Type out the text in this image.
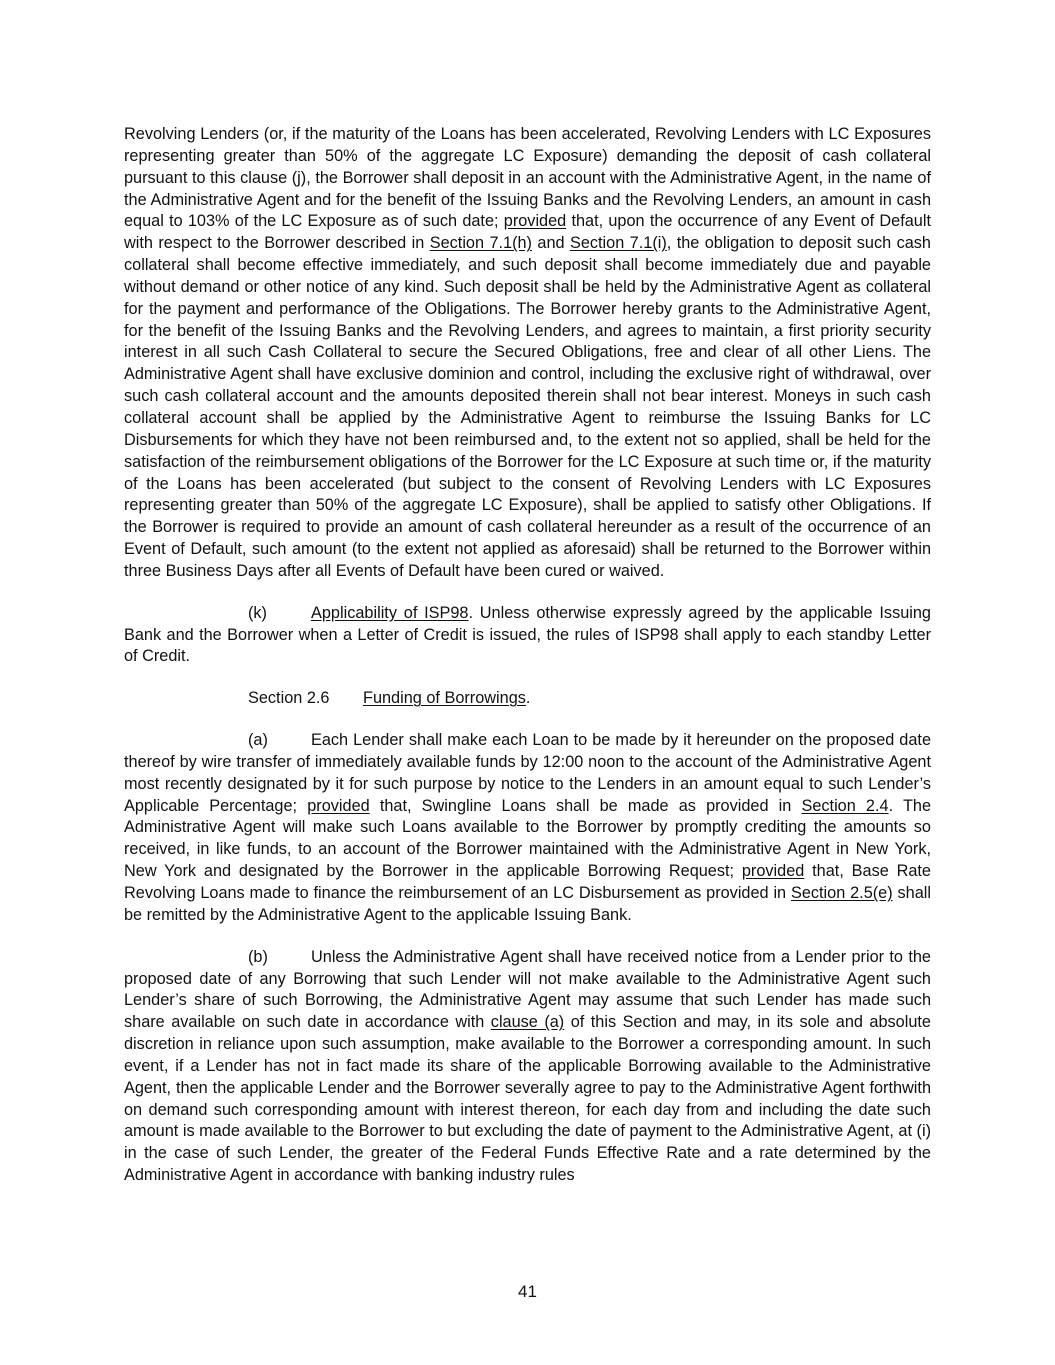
Revolving Lenders (or, if the maturity of the Loans has been accelerated, Revolving Lenders with LC Exposures representing greater than 50% of the aggregate LC Exposure) demanding the deposit of cash collateral pursuant to this clause (j), the Borrower shall deposit in an account with the Administrative Agent, in the name of the Administrative Agent and for the benefit of the Issuing Banks and the Revolving Lenders, an amount in cash equal to 103% of the LC Exposure as of such date; provided that, upon the occurrence of any Event of Default with respect to the Borrower described in Section 7.1(h) and Section 7.1(i), the obligation to deposit such cash collateral shall become effective immediately, and such deposit shall become immediately due and payable without demand or other notice of any kind. Such deposit shall be held by the Administrative Agent as collateral for the payment and performance of the Obligations. The Borrower hereby grants to the Administrative Agent, for the benefit of the Issuing Banks and the Revolving Lenders, and agrees to maintain, a first priority security interest in all such Cash Collateral to secure the Secured Obligations, free and clear of all other Liens. The Administrative Agent shall have exclusive dominion and control, including the exclusive right of withdrawal, over such cash collateral account and the amounts deposited therein shall not bear interest. Moneys in such cash collateral account shall be applied by the Administrative Agent to reimburse the Issuing Banks for LC Disbursements for which they have not been reimbursed and, to the extent not so applied, shall be held for the satisfaction of the reimbursement obligations of the Borrower for the LC Exposure at such time or, if the maturity of the Loans has been accelerated (but subject to the consent of Revolving Lenders with LC Exposures representing greater than 50% of the aggregate LC Exposure), shall be applied to satisfy other Obligations. If the Borrower is required to provide an amount of cash collateral hereunder as a result of the occurrence of an Event of Default, such amount (to the extent not applied as aforesaid) shall be returned to the Borrower within three Business Days after all Events of Default have been cured or waived.

(k)	Applicability of ISP98. Unless otherwise expressly agreed by the applicable Issuing Bank and the Borrower when a Letter of Credit is issued, the rules of ISP98 shall apply to each standby Letter of Credit.

Section 2.6 Funding of Borrowings.

(a)	Each Lender shall make each Loan to be made by it hereunder on the proposed date thereof by wire transfer of immediately available funds by 12:00 noon to the account of the Administrative Agent most recently designated by it for such purpose by notice to the Lenders in an amount equal to such Lender’s Applicable Percentage; provided that, Swingline Loans shall be made as provided in Section 2.4. The Administrative Agent will make such Loans available to the Borrower by promptly crediting the amounts so received, in like funds, to an account of the Borrower maintained with the Administrative Agent in New York, New York and designated by the Borrower in the applicable Borrowing Request; provided that, Base Rate Revolving Loans made to finance the reimbursement of an LC Disbursement as provided in Section 2.5(e) shall be remitted by the Administrative Agent to the applicable Issuing Bank.

(b)	Unless the Administrative Agent shall have received notice from a Lender prior to the proposed date of any Borrowing that such Lender will not make available to the Administrative Agent such Lender’s share of such Borrowing, the Administrative Agent may assume that such Lender has made such share available on such date in accordance with clause (a) of this Section and may, in its sole and absolute discretion in reliance upon such assumption, make available to the Borrower a corresponding amount. In such event, if a Lender has not in fact made its share of the applicable Borrowing available to the Administrative Agent, then the applicable Lender and the Borrower severally agree to pay to the Administrative Agent forthwith on demand such corresponding amount with interest thereon, for each day from and including the date such amount is made available to the Borrower to but excluding the date of payment to the Administrative Agent, at (i) in the case of such Lender, the greater of the Federal Funds Effective Rate and a rate determined by the Administrative Agent in accordance with banking industry rules

41
